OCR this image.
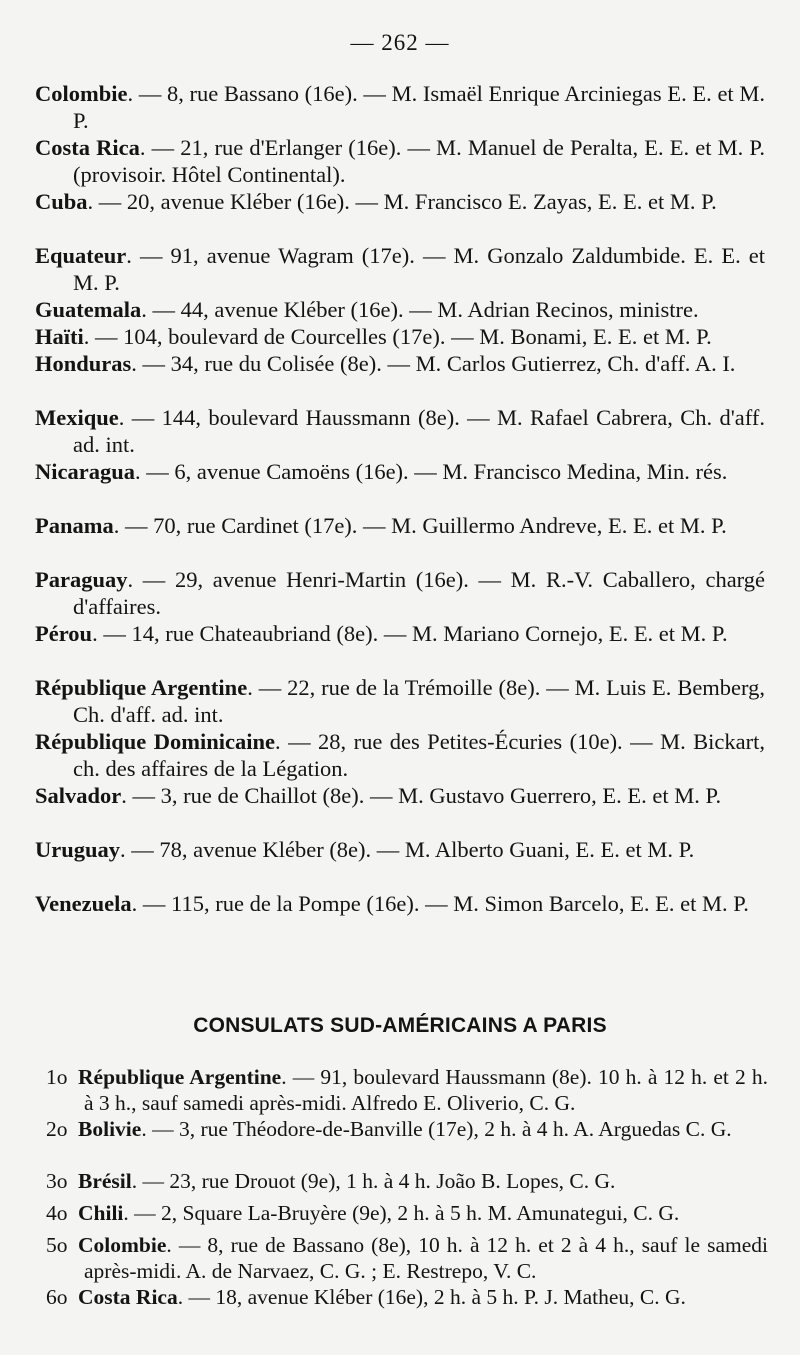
— 262 —
Colombie. — 8, rue Bassano (16e). — M. Ismaël Enrique Arciniegas E. E. et M. P.
Costa Rica. — 21, rue d'Erlanger (16e). — M. Manuel de Peralta, E. E. et M. P. (provisoir. Hôtel Continental).
Cuba. — 20, avenue Kléber (16e). — M. Francisco E. Zayas, E. E. et M. P.
Equateur. — 91, avenue Wagram (17e). — M. Gonzalo Zaldumbide. E. E. et M. P.
Guatemala. — 44, avenue Kléber (16e). — M. Adrian Recinos, ministre.
Haïti. — 104, boulevard de Courcelles (17e). — M. Bonami, E. E. et M. P.
Honduras. — 34, rue du Colisée (8e). — M. Carlos Gutierrez, Ch. d'aff. A. I.
Mexique. — 144, boulevard Haussmann (8e). — M. Rafael Cabrera, Ch. d'aff. ad. int.
Nicaragua. — 6, avenue Camoëns (16e). — M. Francisco Medina, Min. rés.
Panama. — 70, rue Cardinet (17e). — M. Guillermo Andreve, E. E. et M. P.
Paraguay. — 29, avenue Henri-Martin (16e). — M. R.-V. Caballero, chargé d'affaires.
Pérou. — 14, rue Chateaubriand (8e). — M. Mariano Cornejo, E. E. et M. P.
République Argentine. — 22, rue de la Trémoille (8e). — M. Luis E. Bemberg, Ch. d'aff. ad. int.
République Dominicaine. — 28, rue des Petites-Écuries (10e). — M. Bickart, ch. des affaires de la Légation.
Salvador. — 3, rue de Chaillot (8e). — M. Gustavo Guerrero, E. E. et M. P.
Uruguay. — 78, avenue Kléber (8e). — M. Alberto Guani, E. E. et M. P.
Venezuela. — 115, rue de la Pompe (16e). — M. Simon Barcelo, E. E. et M. P.
CONSULATS SUD-AMÉRICAINS A PARIS
1o République Argentine. — 91, boulevard Haussmann (8e). 10 h. à 12 h. et 2 h. à 3 h., sauf samedi après-midi. Alfredo E. Oliverio, C. G.
2o Bolivie. — 3, rue Théodore-de-Banville (17e), 2 h. à 4 h. A. Arguedas C. G.
3o Brésil. — 23, rue Drouot (9e), 1 h. à 4 h. João B. Lopes, C. G.
4o Chili. — 2, Square La-Bruyère (9e), 2 h. à 5 h. M. Amunategui, C. G.
5o Colombie. — 8, rue de Bassano (8e), 10 h. à 12 h. et 2 à 4 h., sauf le samedi après-midi. A. de Narvaez, C. G. ; E. Restrepo, V. C.
6o Costa Rica. — 18, avenue Kléber (16e), 2 h. à 5 h. P. J. Matheu, C. G.
